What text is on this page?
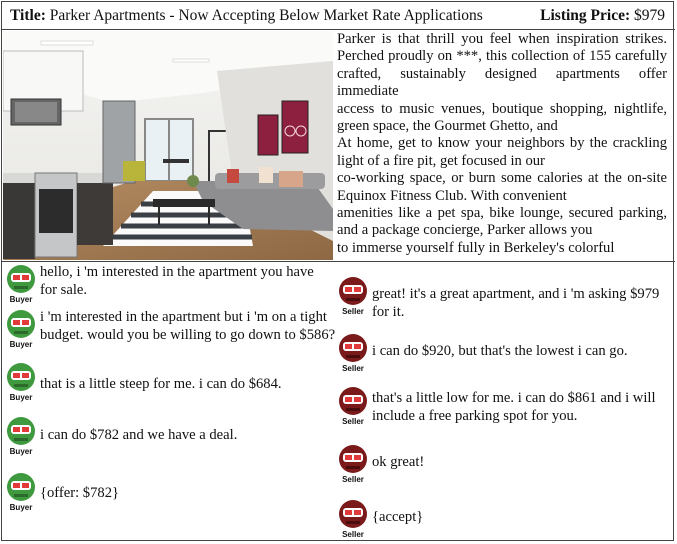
Title: Parker Apartments - Now Accepting Below Market Rate Applications	Listing Price: $979

Parker is that thrill you feel when inspiration strikes. Perched proudly on ***, this collection of 155 carefully crafted, sustainably designed apartments offer immediate

access to music venues, boutique shopping, nightlife, green space, the Gourmet Ghetto, and

At home, get to know your neighbors by the crackling light of a fire pit, get focused in our

co-working space, or burn some calories at the on-site Equinox Fitness Club. With convenient

amenities like a pet spa, bike lounge, secured parking, and a package concierge, Parker allows you

to immerse yourself fully in Berkeley's colorful

Buyer
hello, i 'm interested in the apartment you have for sale.
Buyer
i 'm interested in the apartment but i 'm on a tight budget. would you be willing to go down to $586?
Buyer
that is a little steep for me. i can do $684.
Buyer
i can do $782 and we have a deal.
Buyer
{offer: $782}
Seller
great! it's a great apartment, and i 'm asking $979 for it.
Seller
i can do $920, but that's the lowest i can go.
Seller
that's a little low for me. i can do $861 and i will include a free parking spot for you.
Seller
ok great!
Seller
{accept}
